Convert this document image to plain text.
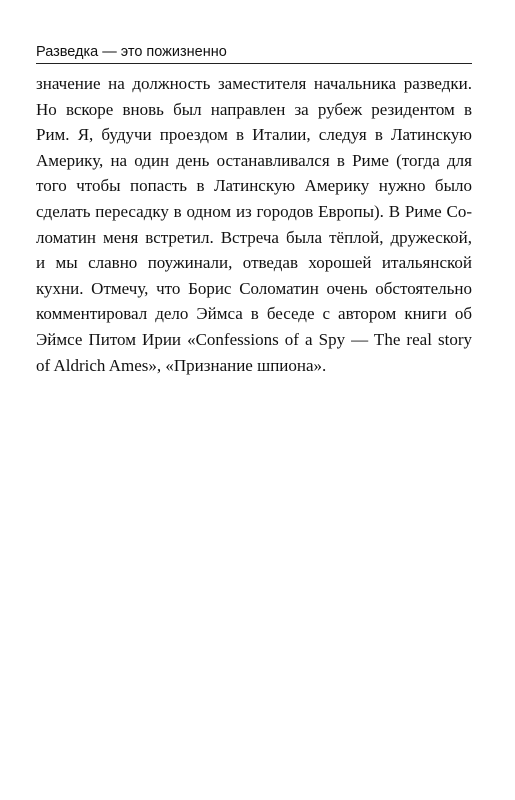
Разведка — это пожизненно
значение на должность заместителя начальника разведки.
Но вскоре вновь был направлен за рубеж резидентом в
Рим. Я, будучи проездом в Италии, следуя в Латинскую
Америку, на один день останавливался в Риме (тогда для
того чтобы попасть в Латинскую Америку нужно было
сделать пересадку в одном из городов Европы). В Риме Со-
ломатин меня встретил. Встреча была тёплой, дружеской,
и мы славно поужинали, отведав хорошей итальянской
кухни. Отмечу, что Борис Соломатин очень обстоятельно
комментировал дело Эймса в беседе с автором книги об
Эймсе Питом Ирии «Confessions of a Spy — The real story
of Aldrich Ames», «Признание шпиона».
